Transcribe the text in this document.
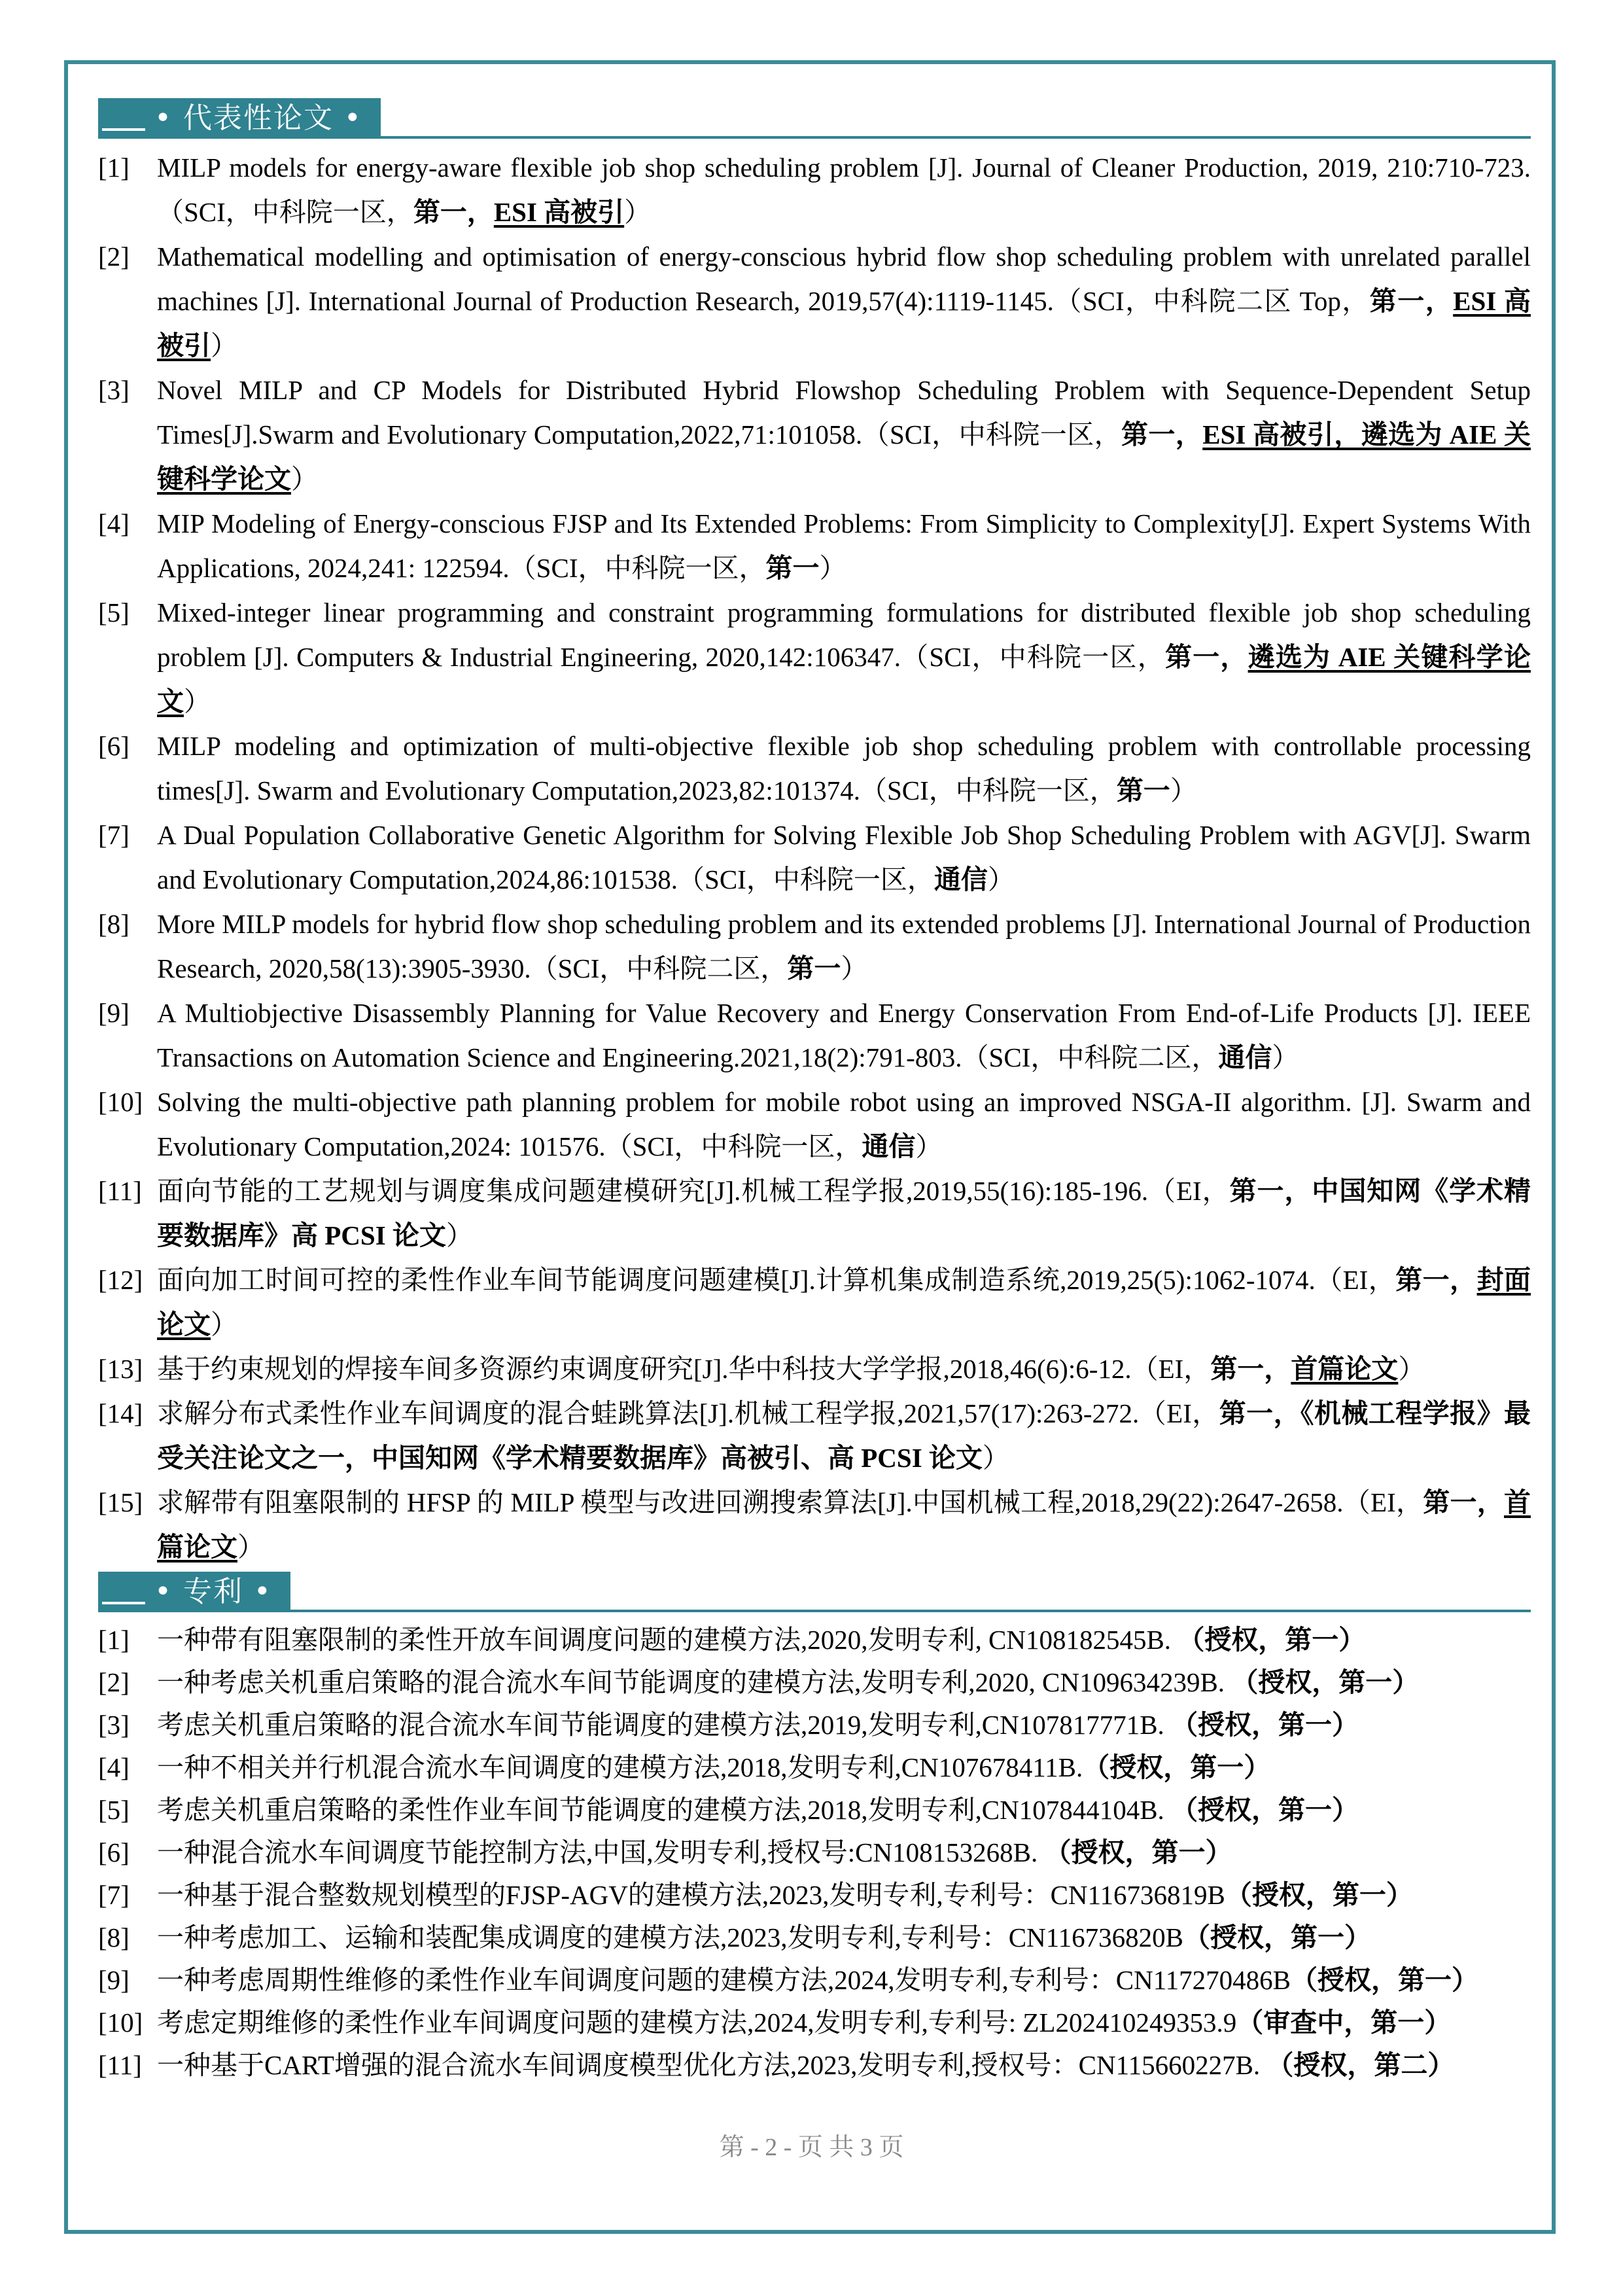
• 代表性论文 •

[1] MILP models for energy-aware flexible job shop scheduling problem [J]. Journal of Cleaner Production, 2019, 210:710-723.（SCI，中科院一区，第一，ESI 高被引）

[2] Mathematical modelling and optimisation of energy-conscious hybrid flow shop scheduling problem with unrelated parallel machines [J]. International Journal of Production Research, 2019,57(4):1119-1145.（SCI，中科院二区 Top，第一，ESI 高被引）

[3] Novel MILP and CP Models for Distributed Hybrid Flowshop Scheduling Problem with Sequence-Dependent Setup Times[J].Swarm and Evolutionary Computation,2022,71:101058.（SCI，中科院一区，第一，ESI 高被引，遴选为 AIE 关键科学论文）

[4] MIP Modeling of Energy-conscious FJSP and Its Extended Problems: From Simplicity to Complexity[J]. Expert Systems With Applications, 2024,241: 122594.（SCI，中科院一区，第一）

[5] Mixed-integer linear programming and constraint programming formulations for distributed flexible job shop scheduling problem [J]. Computers & Industrial Engineering, 2020,142:106347.（SCI，中科院一区，第一，遴选为 AIE 关键科学论文）

[6] MILP modeling and optimization of multi-objective flexible job shop scheduling problem with controllable processing times[J]. Swarm and Evolutionary Computation,2023,82:101374.（SCI，中科院一区，第一）

[7] A Dual Population Collaborative Genetic Algorithm for Solving Flexible Job Shop Scheduling Problem with AGV[J]. Swarm and Evolutionary Computation,2024,86:101538.（SCI，中科院一区，通信）

[8] More MILP models for hybrid flow shop scheduling problem and its extended problems [J]. International Journal of Production Research, 2020,58(13):3905-3930.（SCI，中科院二区，第一）

[9] A Multiobjective Disassembly Planning for Value Recovery and Energy Conservation From End-of-Life Products [J]. IEEE Transactions on Automation Science and Engineering.2021,18(2):791-803.（SCI，中科院二区，通信）

[10] Solving the multi-objective path planning problem for mobile robot using an improved NSGA-II algorithm. [J]. Swarm and Evolutionary Computation,2024: 101576.（SCI，中科院一区，通信）

[11] 面向节能的工艺规划与调度集成问题建模研究[J].机械工程学报,2019,55(16):185-196.（EI，第一，中国知网《学术精要数据库》高 PCSI 论文）

[12] 面向加工时间可控的柔性作业车间节能调度问题建模[J].计算机集成制造系统,2019,25(5):1062-1074.（EI，第一，封面论文）

[13] 基于约束规划的焊接车间多资源约束调度研究[J].华中科技大学学报,2018,46(6):6-12.（EI，第一，首篇论文）

[14] 求解分布式柔性作业车间调度的混合蛙跳算法[J].机械工程学报,2021,57(17):263-272.（EI，第一，《机械工程学报》最受关注论文之一，中国知网《学术精要数据库》高被引、高 PCSI 论文）

[15] 求解带有阻塞限制的 HFSP 的 MILP 模型与改进回溯搜索算法[J].中国机械工程,2018,29(22):2647-2658.（EI，第一，首篇论文）

• 专利 •

[1] 一种带有阻塞限制的柔性开放车间调度问题的建模方法,2020,发明专利, CN108182545B. （授权，第一）

[2] 一种考虑关机重启策略的混合流水车间节能调度的建模方法,发明专利,2020, CN109634239B. （授权，第一）

[3] 考虑关机重启策略的混合流水车间节能调度的建模方法,2019,发明专利,CN107817771B. （授权，第一）

[4] 一种不相关并行机混合流水车间调度的建模方法,2018,发明专利,CN107678411B.（授权，第一）

[5] 考虑关机重启策略的柔性作业车间节能调度的建模方法,2018,发明专利,CN107844104B. （授权，第一）

[6] 一种混合流水车间调度节能控制方法,中国,发明专利,授权号:CN108153268B. （授权，第一）

[7] 一种基于混合整数规划模型的FJSP-AGV的建模方法,2023,发明专利,专利号：CN116736819B（授权，第一）

[8] 一种考虑加工、运输和装配集成调度的建模方法,2023,发明专利,专利号：CN116736820B（授权，第一）

[9] 一种考虑周期性维修的柔性作业车间调度问题的建模方法,2024,发明专利,专利号：CN117270486B（授权，第一）

[10] 考虑定期维修的柔性作业车间调度问题的建模方法,2024,发明专利,专利号: ZL202410249353.9（审查中，第一）

[11] 一种基于CART增强的混合流水车间调度模型优化方法,2023,发明专利,授权号：CN115660227B. （授权，第二）

第 - 2 - 页 共 3 页
